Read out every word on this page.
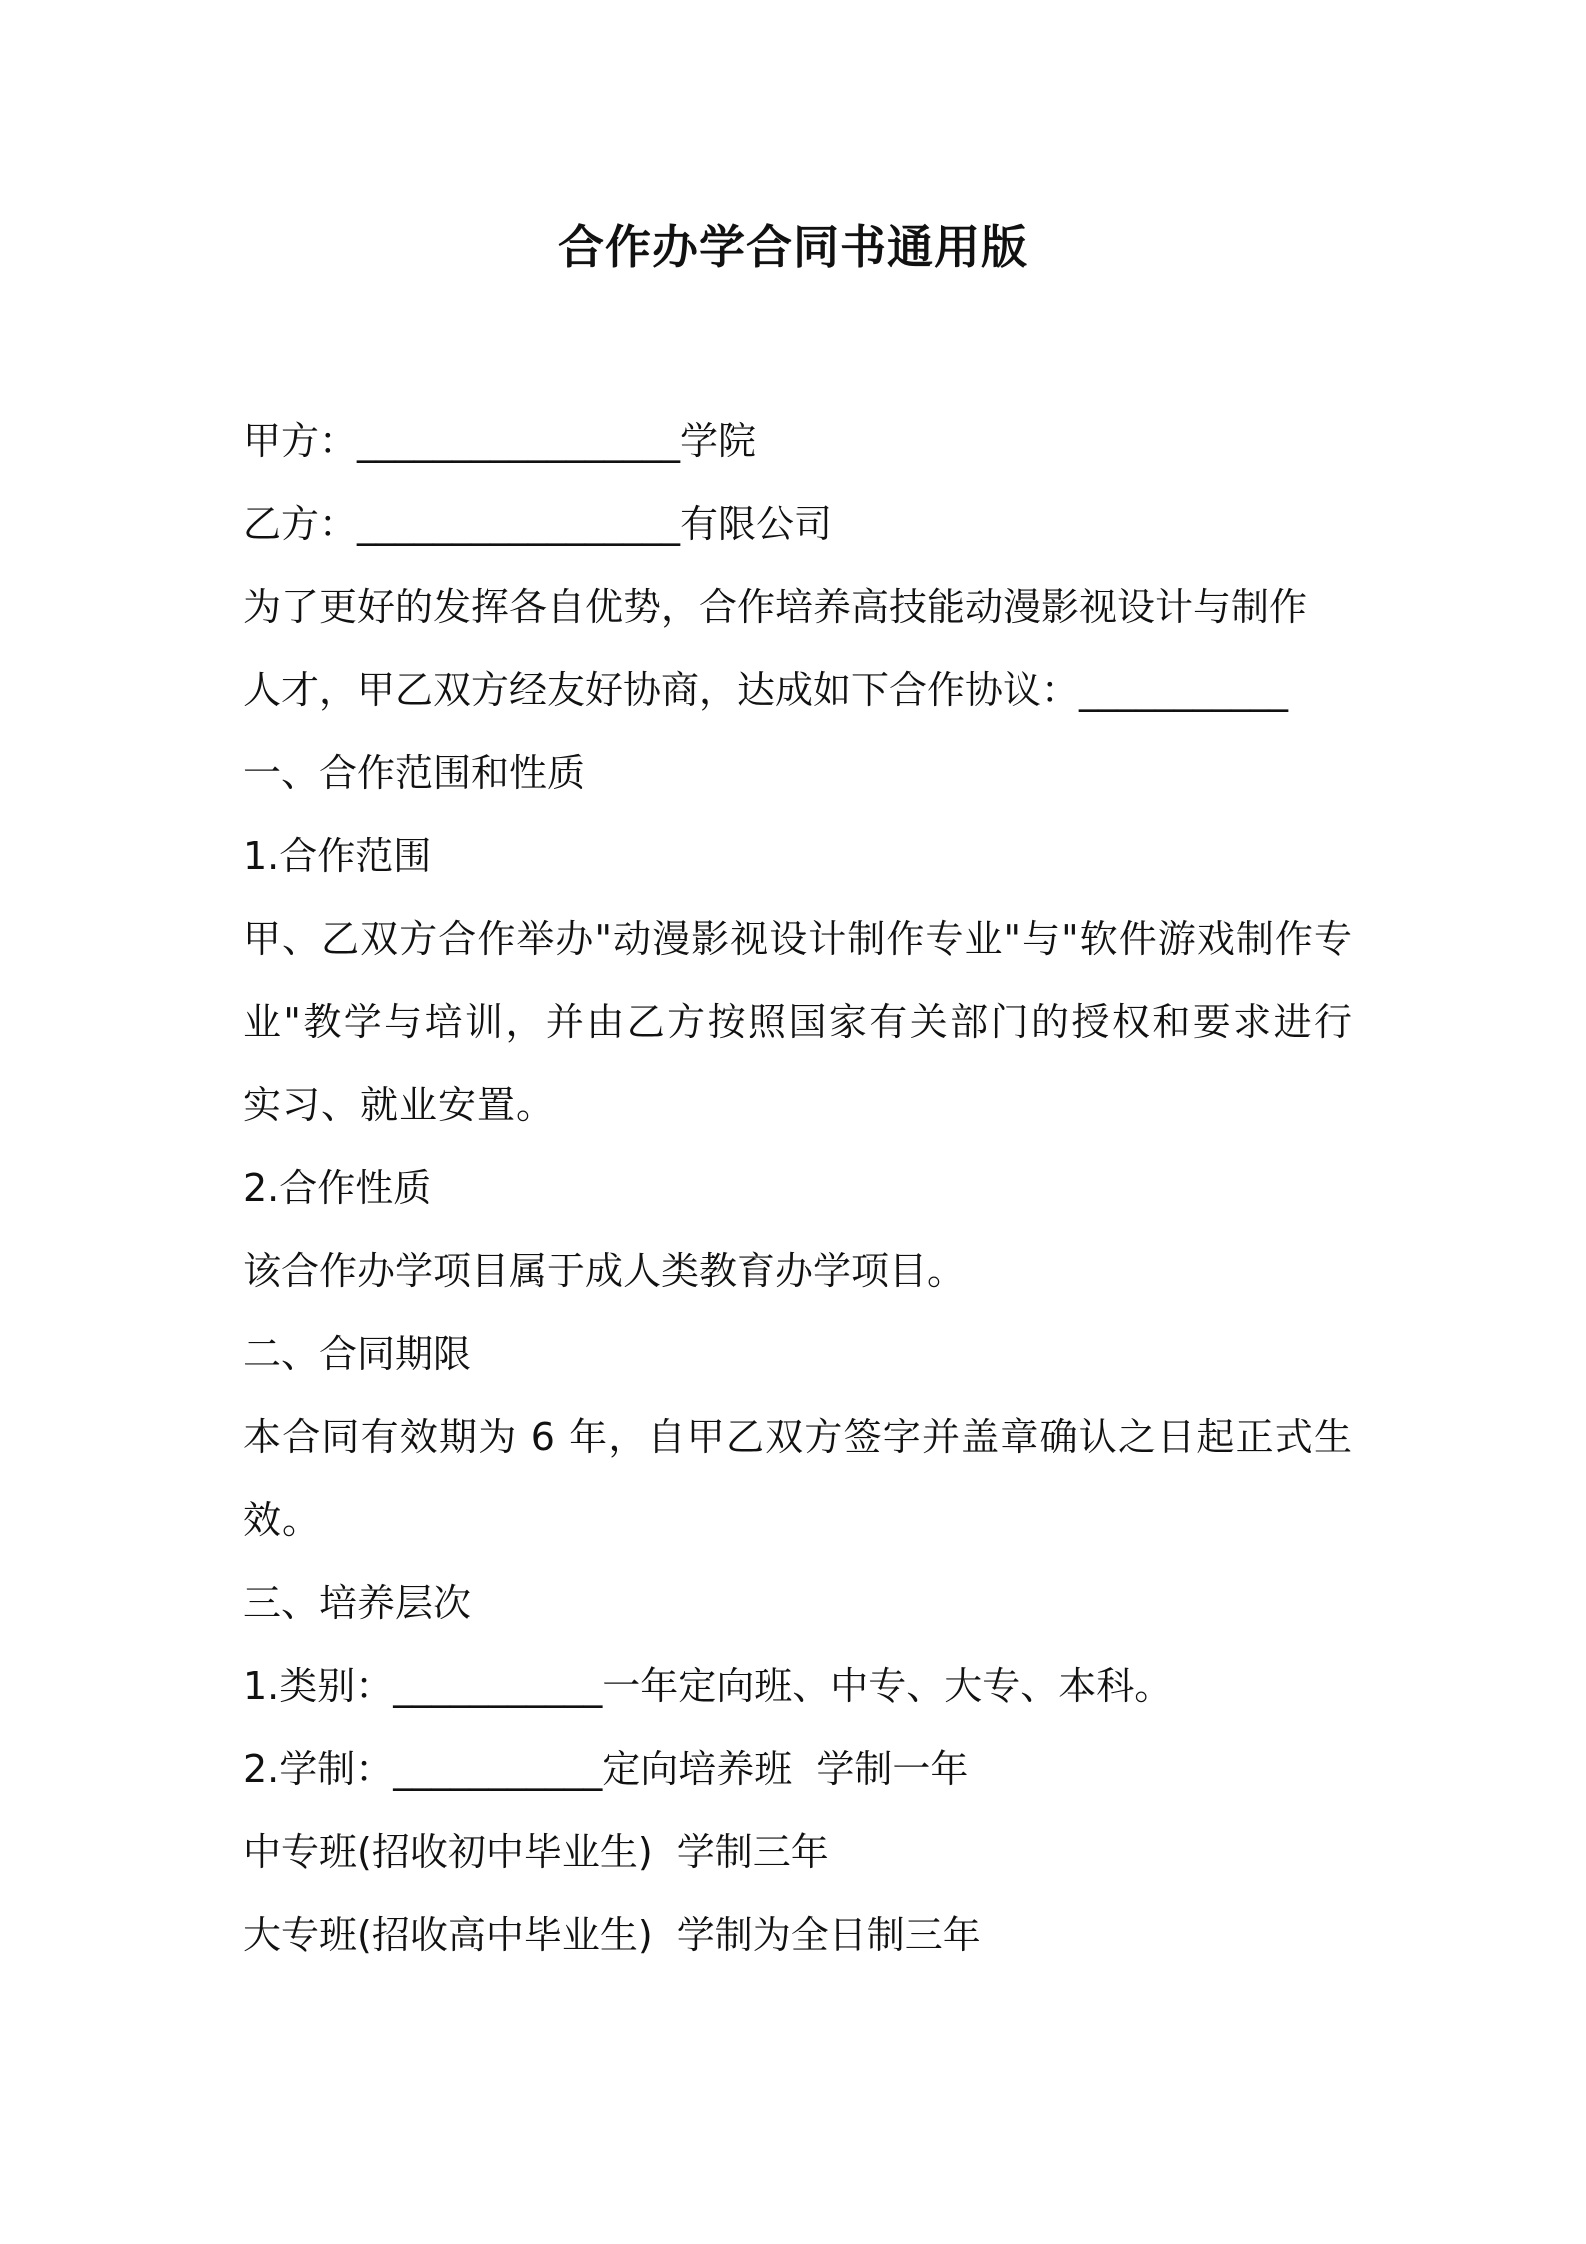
合作办学合同书通用版
甲方：_________________学院
乙方：_________________有限公司
为了更好的发挥各自优势，合作培养高技能动漫影视设计与制作
人才，甲乙双方经友好协商，达成如下合作协议：___________
一、合作范围和性质
1.合作范围
甲、乙双方合作举办"动漫影视设计制作专业"与"软件游戏制作专业"教学与培训，并由乙方按照国家有关部门的授权和要求进行实习、就业安置。
2.合作性质
该合作办学项目属于成人类教育办学项目。
二、合同期限
本合同有效期为 6 年，自甲乙双方签字并盖章确认之日起正式生效。
三、培养层次
1.类别：___________一年定向班、中专、大专、本科。
2.学制：___________定向培养班  学制一年
中专班(招收初中毕业生)  学制三年
大专班(招收高中毕业生)  学制为全日制三年
